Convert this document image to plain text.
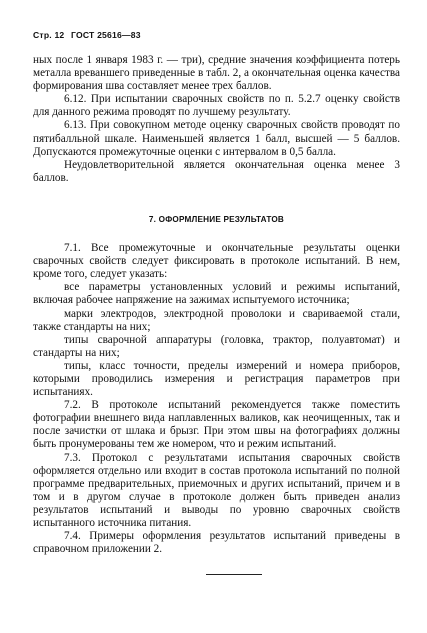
Стр. 12 ГОСТ 25616—83

ных после 1 января 1983 г. — три), средние значения коэффициента потерь металла вреваншего приведенные в табл. 2, а окончательная оценка качества формирования шва составляет менее трех баллов.

6.12. При испытании сварочных свойств по п. 5.2.7 оценку свойств для данного режима проводят по лучшему результату.

6.13. При совокупном методе оценку сварочных свойств проводят по пятибалльной шкале. Наименьшей является 1 балл, высшей — 5 баллов. Допускаются промежуточные оценки с интервалом в 0,5 балла.

Неудовлетворительной является окончательная оценка менее 3 баллов.

7. ОФОРМЛЕНИЕ РЕЗУЛЬТАТОВ

7.1. Все промежуточные и окончательные результаты оценки сварочных свойств следует фиксировать в протоколе испытаний. В нем, кроме того, следует указать:

все параметры установленных условий и режимы испытаний, включая рабочее напряжение на зажимах испытуемого источника;

марки электродов, электродной проволоки и свариваемой стали, также стандарты на них;

типы сварочной аппаратуры (головка, трактор, полуавтомат) и стандарты на них;

типы, класс точности, пределы измерений и номера приборов, которыми проводились измерения и регистрация параметров при испытаниях.

7.2. В протоколе испытаний рекомендуется также поместить фотографии внешнего вида наплавленных валиков, как неочищенных, так и после зачистки от шлака и брызг. При этом швы на фотографиях должны быть пронумерованы тем же номером, что и режим испытаний.

7.3. Протокол с результатами испытания сварочных свойств оформляется отдельно или входит в состав протокола испытаний по полной программе предварительных, приемочных и других испытаний, причем и в том и в другом случае в протоколе должен быть приведен анализ результатов испытаний и выводы по уровню сварочных свойств испытанного источника питания.

7.4. Примеры оформления результатов испытаний приведены в справочном приложении 2.
